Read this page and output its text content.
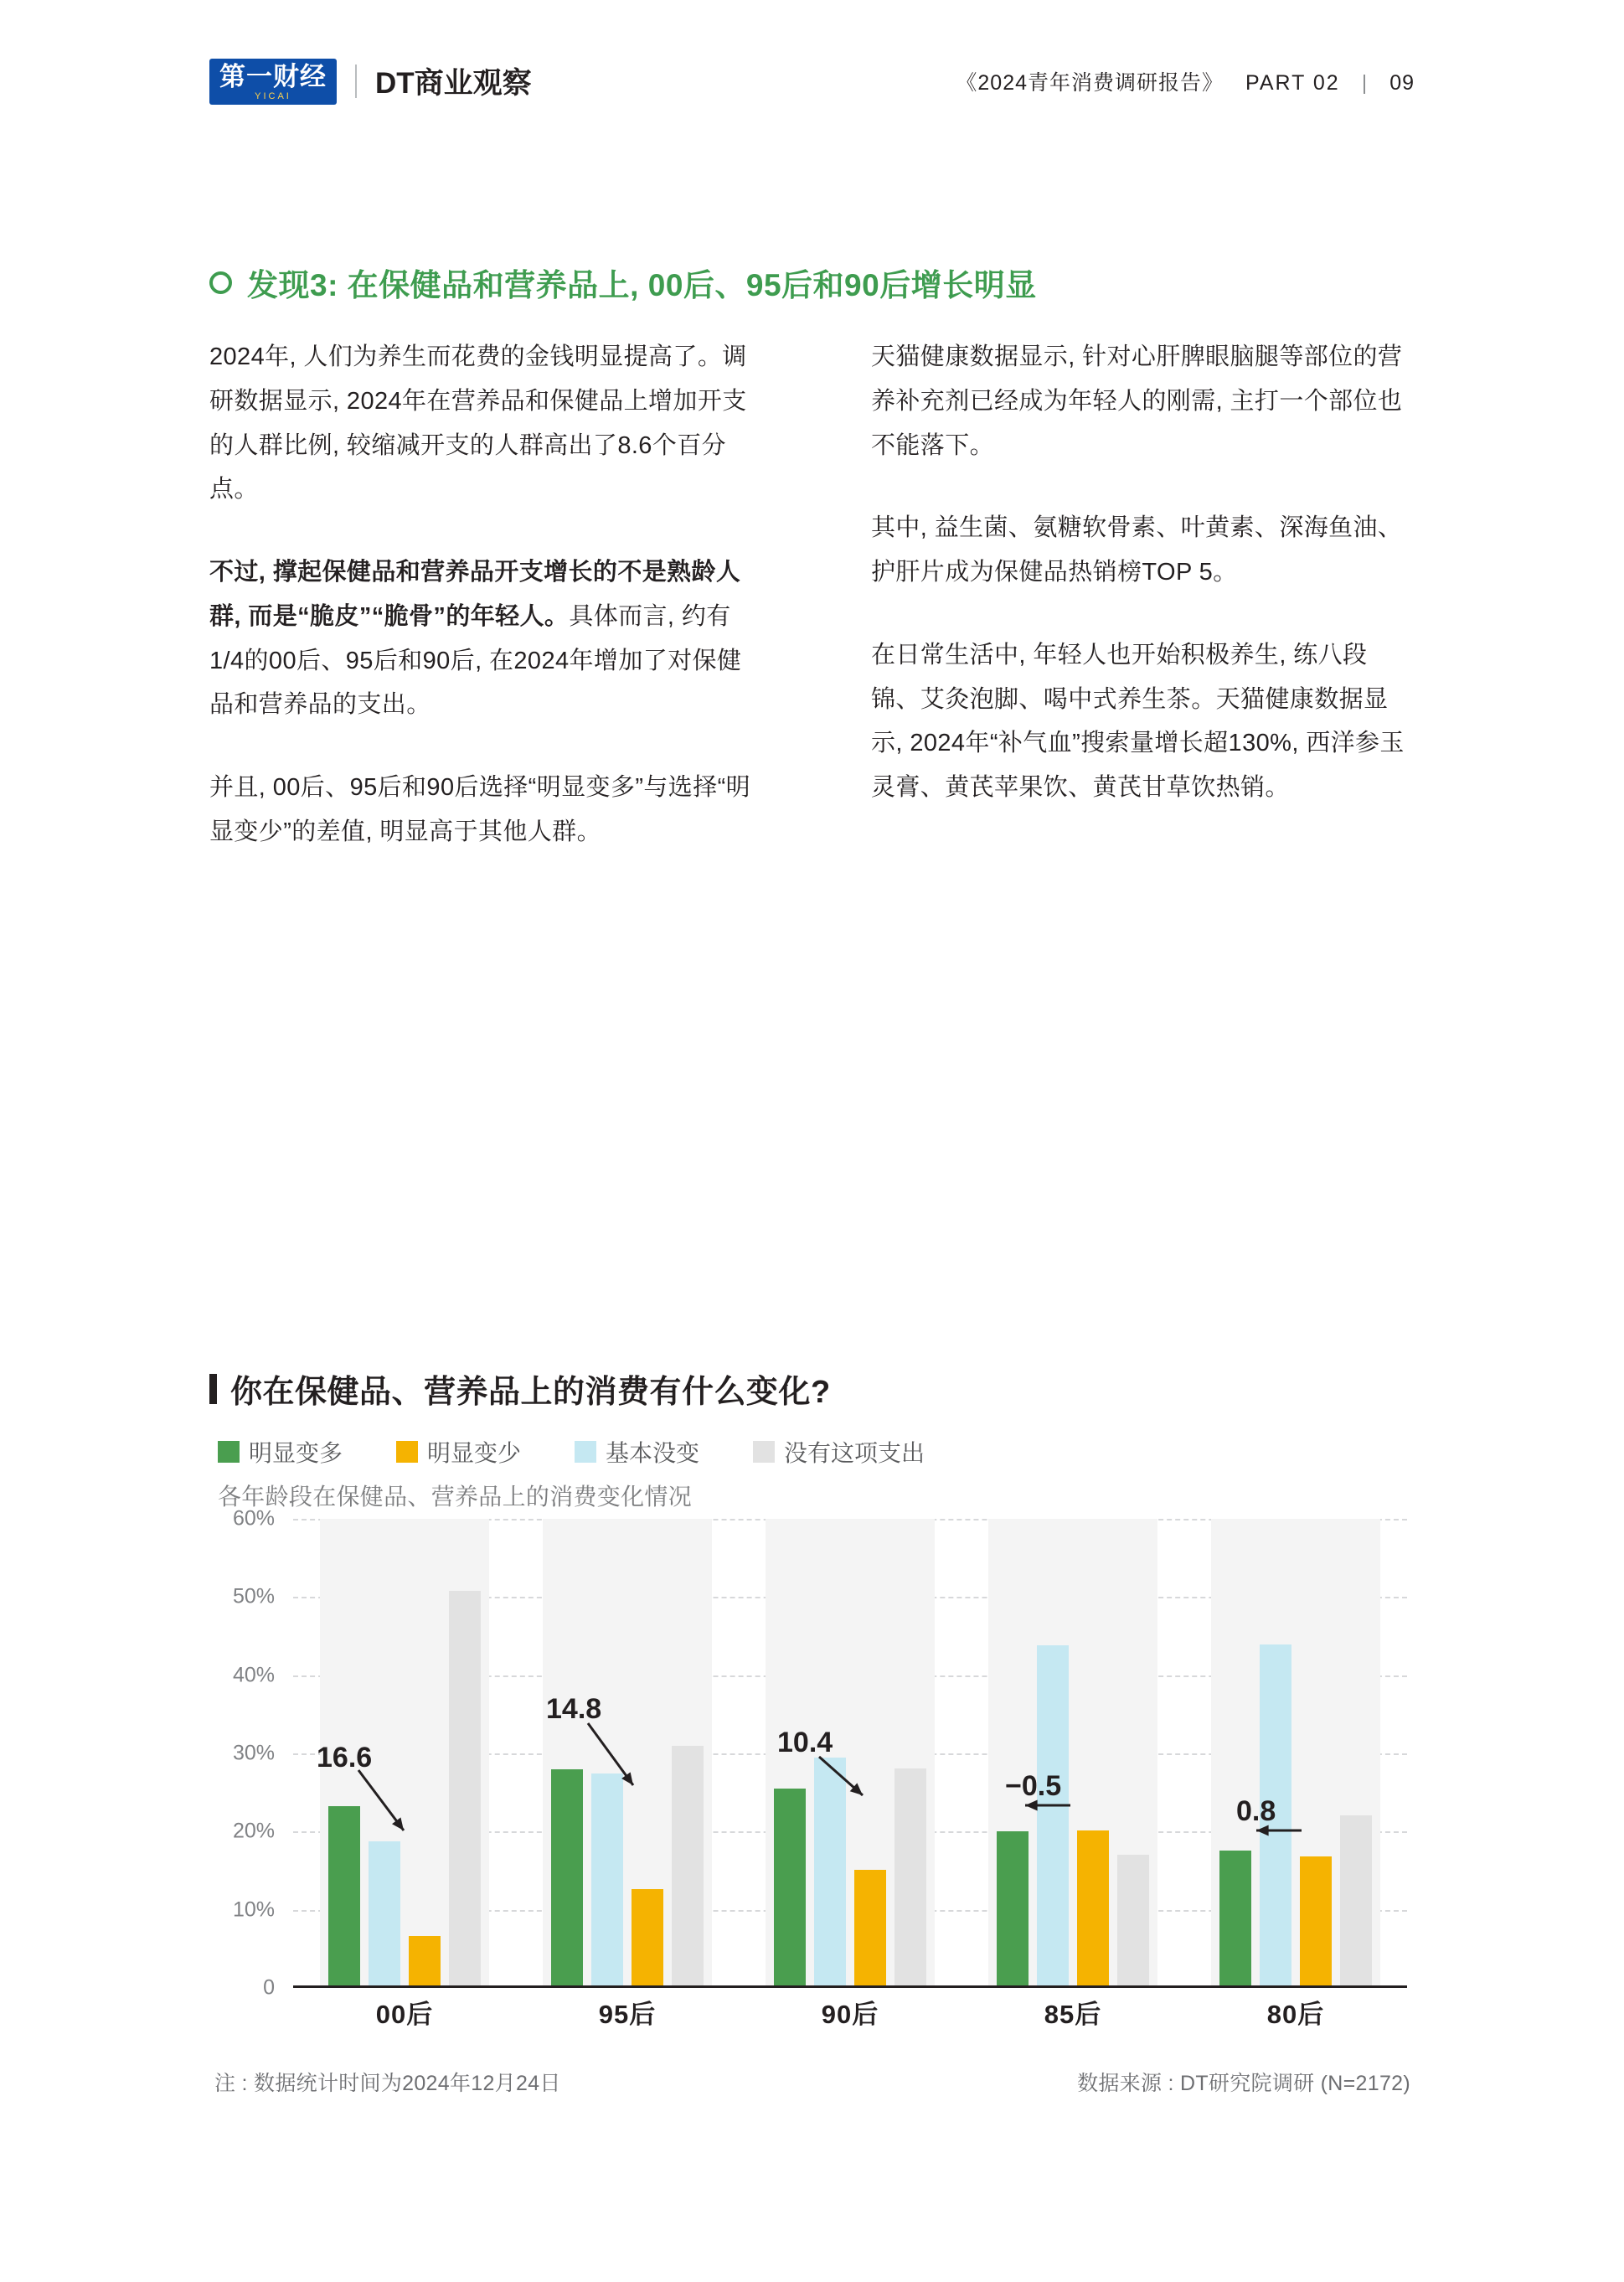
第一财经
YICAI	DT商业观察	《2024青年消费调研报告》 PART 02 | 09
发现3: 在保健品和营养品上, 00后、95后和90后增长明显

2024年, 人们为养生而花费的金钱明显提高了。调研数据显示, 2024年在营养品和保健品上增加开支的人群比例, 较缩减开支的人群高出了8.6个百分点。

不过, 撑起保健品和营养品开支增长的不是熟龄人群, 而是“脆皮”“脆骨”的年轻人。具体而言, 约有1/4的00后、95后和90后, 在2024年增加了对保健品和营养品的支出。

并且, 00后、95后和90后选择“明显变多”与选择“明显变少”的差值, 明显高于其他人群。

天猫健康数据显示, 针对心肝脾眼脑腿等部位的营养补充剂已经成为年轻人的刚需, 主打一个部位也不能落下。

其中, 益生菌、氨糖软骨素、叶黄素、深海鱼油、护肝片成为保健品热销榜TOP 5。

在日常生活中, 年轻人也开始积极养生, 练八段锦、艾灸泡脚、喝中式养生茶。天猫健康数据显示, 2024年“补气血”搜索量增长超130%, 西洋参玉灵膏、黄芪苹果饮、黄芪甘草饮热销。

你在保健品、营养品上的消费有什么变化?
明显变多	明显变少	基本没变	没有这项支出
各年龄段在保健品、营养品上的消费变化情况
0
10%
20%
30%
40%
50%
60%
00后	95后	90后	85后	80后
16.6
14.8
10.4
−0.5
0.8
注 : 数据统计时间为2024年12月24日	数据来源 : DT研究院调研 (N=2172)
